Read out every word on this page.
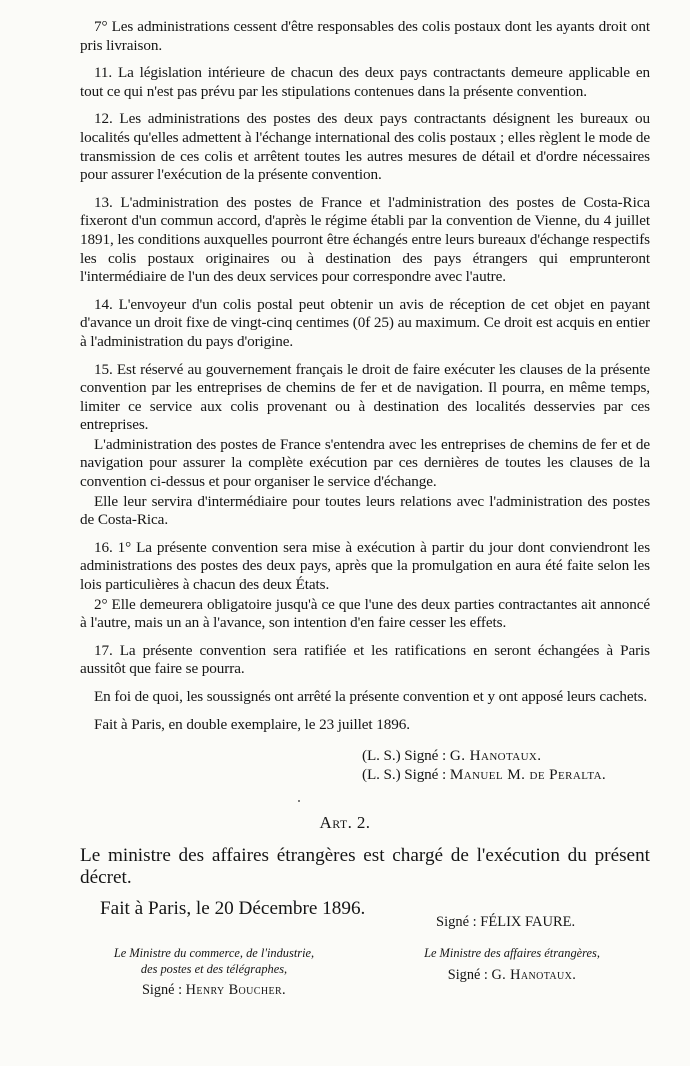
7° Les administrations cessent d'être responsables des colis postaux dont les ayants droit ont pris livraison.

11. La législation intérieure de chacun des deux pays contractants demeure applicable en tout ce qui n'est pas prévu par les stipulations contenues dans la présente convention.

12. Les administrations des postes des deux pays contractants désignent les bureaux ou localités qu'elles admettent à l'échange international des colis postaux ; elles règlent le mode de transmission de ces colis et arrêtent toutes les autres mesures de détail et d'ordre nécessaires pour assurer l'exécution de la présente convention.

13. L'administration des postes de France et l'administration des postes de Costa-Rica fixeront d'un commun accord, d'après le régime établi par la convention de Vienne, du 4 juillet 1891, les conditions auxquelles pourront être échangés entre leurs bureaux d'échange respectifs les colis postaux originaires ou à destination des pays étrangers qui emprunteront l'intermédiaire de l'un des deux services pour correspondre avec l'autre.

14. L'envoyeur d'un colis postal peut obtenir un avis de réception de cet objet en payant d'avance un droit fixe de vingt-cinq centimes (0f 25) au maximum. Ce droit est acquis en entier à l'administration du pays d'origine.

15. Est réservé au gouvernement français le droit de faire exécuter les clauses de la présente convention par les entreprises de chemins de fer et de navigation. Il pourra, en même temps, limiter ce service aux colis provenant ou à destination des localités desservies par ces entreprises.

L'administration des postes de France s'entendra avec les entreprises de chemins de fer et de navigation pour assurer la complète exécution par ces dernières de toutes les clauses de la convention ci-dessus et pour organiser le service d'échange.

Elle leur servira d'intermédiaire pour toutes leurs relations avec l'administration des postes de Costa-Rica.

16. 1° La présente convention sera mise à exécution à partir du jour dont conviendront les administrations des postes des deux pays, après que la promulgation en aura été faite selon les lois particulières à chacun des deux États.

2° Elle demeurera obligatoire jusqu'à ce que l'une des deux parties contractantes ait annoncé à l'autre, mais un an à l'avance, son intention d'en faire cesser les effets.

17. La présente convention sera ratifiée et les ratifications en seront échangées à Paris aussitôt que faire se pourra.

En foi de quoi, les soussignés ont arrêté la présente convention et y ont apposé leurs cachets.

Fait à Paris, en double exemplaire, le 23 juillet 1896.

(L. S.) Signé : G. Hanotaux.
(L. S.) Signé : Manuel M. de Peralta.
Art. 2.
Le ministre des affaires étrangères est chargé de l'exécution du présent décret.
Fait à Paris, le 20 Décembre 1896.
Signé : FÉLIX FAURE.
Le Ministre du commerce, de l'industrie,
des postes et des télégraphes,
Signé : Henry Boucher.
Le Ministre des affaires étrangères,
Signé : G. Hanotaux.
